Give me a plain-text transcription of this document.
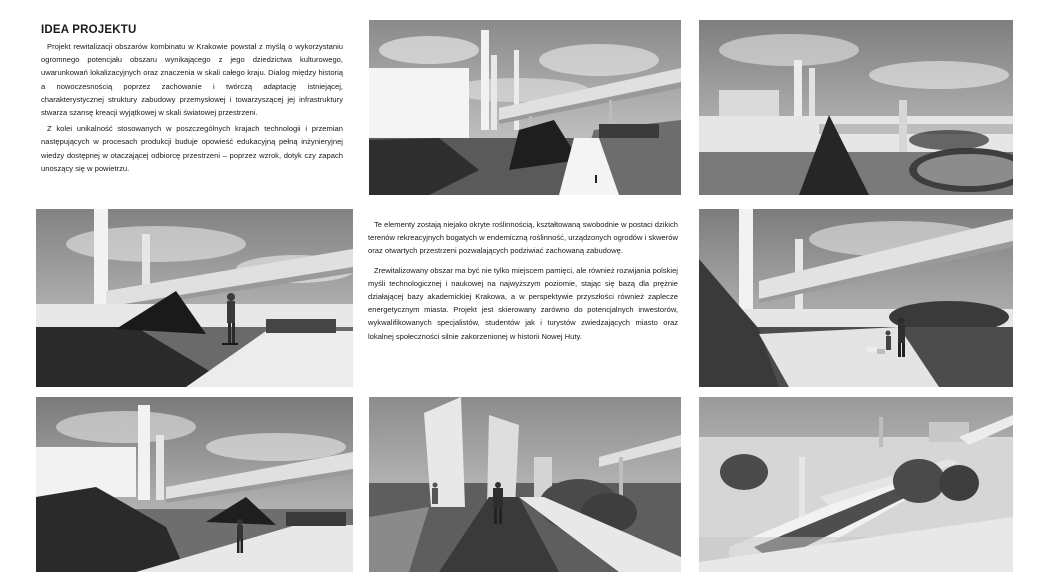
IDEA PROJEKTU

Projekt rewitalizacji obszarów kombinatu w Krakowie powstał z myślą o wykorzystaniu ogromnego potencjału obszaru wynikającego z jego dziedzictwa kulturowego, uwarunkowań lokalizacyjnych oraz znaczenia w skali całego kraju. Dialog między historią a nowoczesnością poprzez zachowanie i twórczą adaptację istniejącej, charakterystycznej struktury zabudowy przemysłowej i towarzyszącej jej infrastruktury stwarza szansę kreacji wyjątkowej w skali światowej przestrzeni.

Z kolei unikalność stosowanych w poszczególnych krajach technologii i przemian następujących w procesach produkcji buduje opowieść edukacyjną pełną inżynieryjnej wiedzy dostępnej w otaczającej odbiorcę przestrzeni – poprzez wzrok, dotyk czy zapach unoszący się w powietrzu.

Te elementy zostają niejako okryte roślinnością, kształtowaną swobodnie w postaci dzikich terenów rekreacyjnych bogatych w endemiczną roślinność, urządzonych ogrodów i skwerów oraz otwartych przestrzeni pozwalających podziwiać zachowaną zabudowę.

Zrewitalizowany obszar ma być nie tylko miejscem pamięci, ale również rozwijania polskiej myśli technologicznej i naukowej na najwyższym poziomie, stając się bazą dla prężnie działającej bazy akademickiej Krakowa, a w perspektywie przyszłości również zaplecze energetycznym miasta. Projekt jest skierowany zarówno do potencjalnych inwestorów, wykwalifikowanych specjalistów, studentów jak i turystów zwiedzających miasto oraz lokalnej społeczności silnie zakorzenionej w historii Nowej Huty.
